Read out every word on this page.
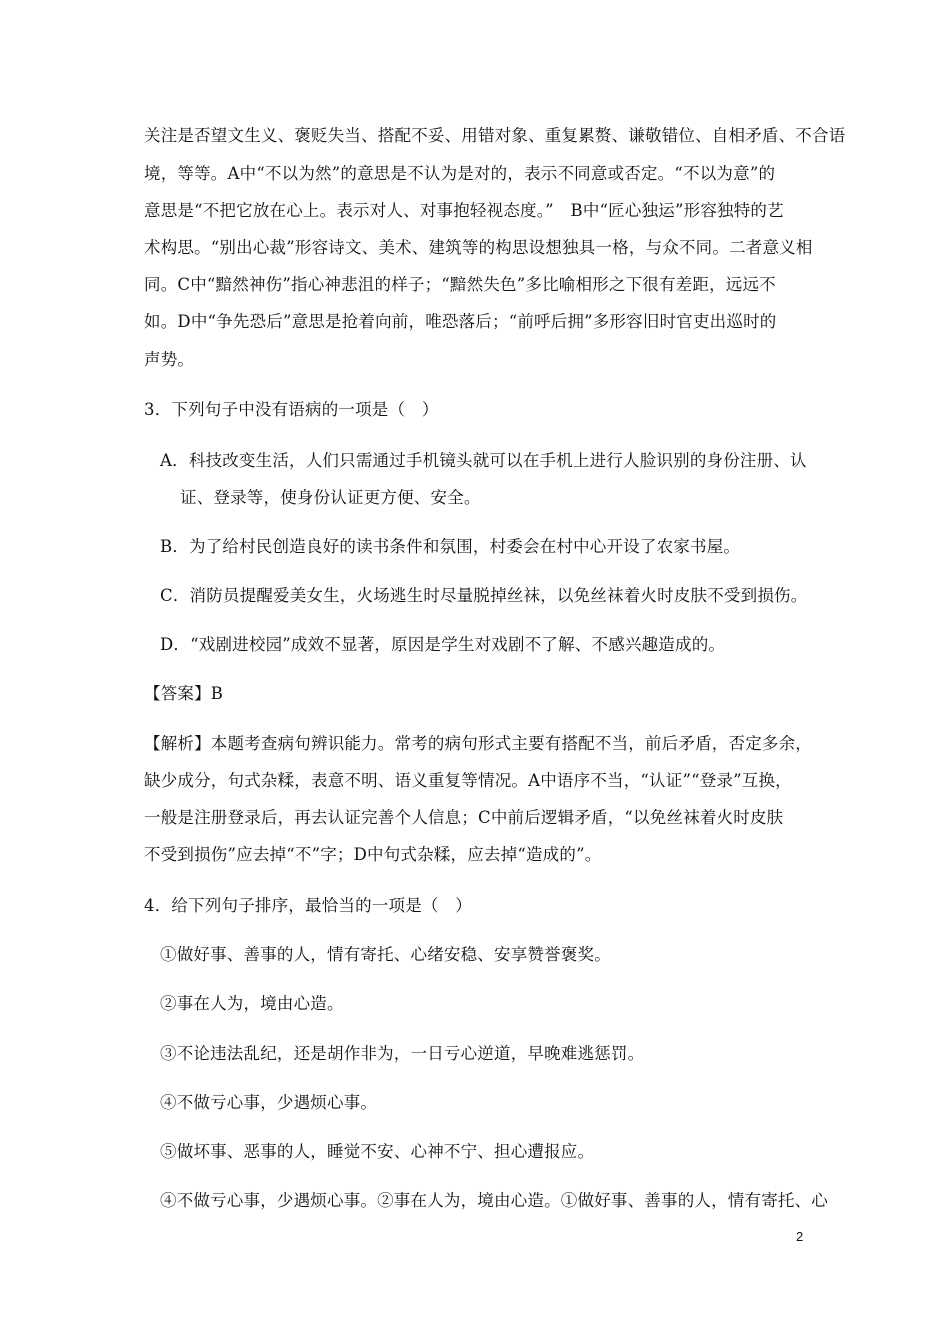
关注是否望文生义、褒贬失当、搭配不妥、用错对象、重复累赘、谦敬错位、自相矛盾、不合语
境，等等。A中“不以为然”的意思是不认为是对的，表示不同意或否定。“不以为意”的
意思是“不把它放在心上。表示对人、对事抱轻视态度。”　B中“匠心独运”形容独特的艺
术构思。“别出心裁”形容诗文、美术、建筑等的构思设想独具一格，与众不同。二者意义相
同。C中“黯然神伤”指心神悲沮的样子；“黯然失色”多比喻相形之下很有差距，远远不
如。D中“争先恐后”意思是抢着向前，唯恐落后；“前呼后拥”多形容旧时官吏出巡时的
声势。
3．下列句子中没有语病的一项是（　）
A．科技改变生活，人们只需通过手机镜头就可以在手机上进行人脸识别的身份注册、认
证、登录等，使身份认证更方便、安全。
B．为了给村民创造良好的读书条件和氛围，村委会在村中心开设了农家书屋。
C．消防员提醒爱美女生，火场逃生时尽量脱掉丝袜，以免丝袜着火时皮肤不受到损伤。
D．“戏剧进校园”成效不显著，原因是学生对戏剧不了解、不感兴趣造成的。
【答案】B
【解析】本题考查病句辨识能力。常考的病句形式主要有搭配不当，前后矛盾，否定多余，
缺少成分，句式杂糅，表意不明、语义重复等情况。A中语序不当，“认证”“登录”互换，
一般是注册登录后，再去认证完善个人信息；C中前后逻辑矛盾，“以免丝袜着火时皮肤
不受到损伤”应去掉“不”字；D中句式杂糅，应去掉“造成的”。
4．给下列句子排序，最恰当的一项是（　）
①做好事、善事的人，情有寄托、心绪安稳、安享赞誉褒奖。
②事在人为，境由心造。
③不论违法乱纪，还是胡作非为，一日亏心逆道，早晚难逃惩罚。
④不做亏心事，少遇烦心事。
⑤做坏事、恶事的人，睡觉不安、心神不宁、担心遭报应。
④不做亏心事，少遇烦心事。②事在人为，境由心造。①做好事、善事的人，情有寄托、心
2
